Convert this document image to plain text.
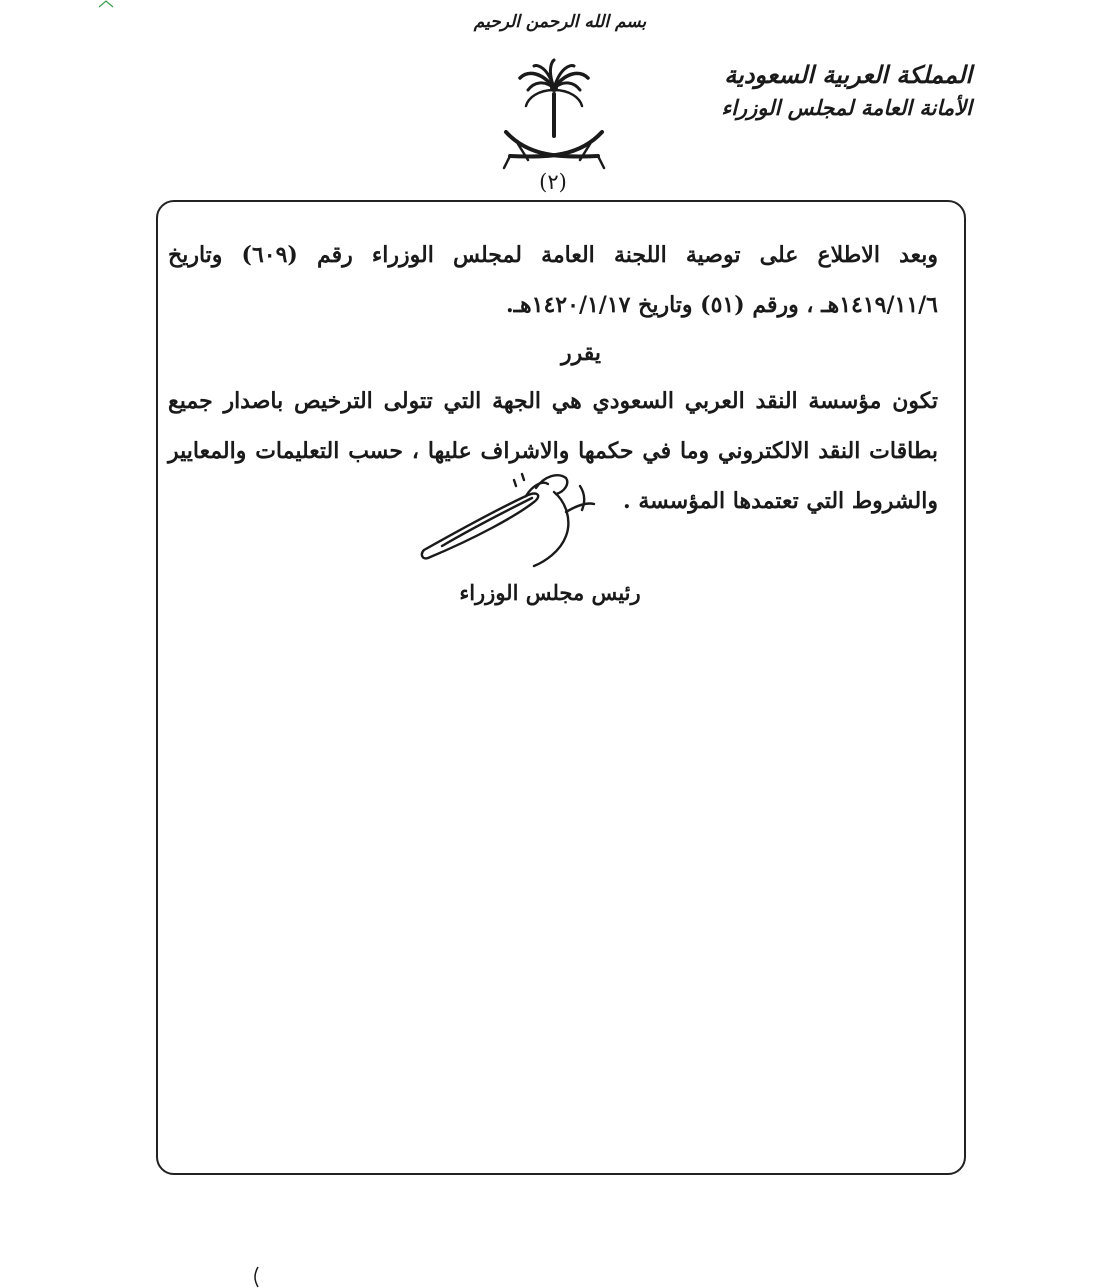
بسم الله الرحمن الرحيم
(٢)
المملكة العربية السعودية
الأمانة العامة لمجلس الوزراء

وبعد الاطلاع على توصية اللجنة العامة لمجلس الوزراء رقم (٦٠٩) وتاريخ ١٤١٩/١١/٦هـ ، ورقم (٥١) وتاريخ ١٤٢٠/١/١٧هـ.

يقرر

تكون مؤسسة النقد العربي السعودي هي الجهة التي تتولى الترخيص باصدار جميع بطاقات النقد الالكتروني وما في حكمها والاشراف عليها ، حسب التعليمات والمعايير والشروط التي تعتمدها المؤسسة .

رئيس مجلس الوزراء
